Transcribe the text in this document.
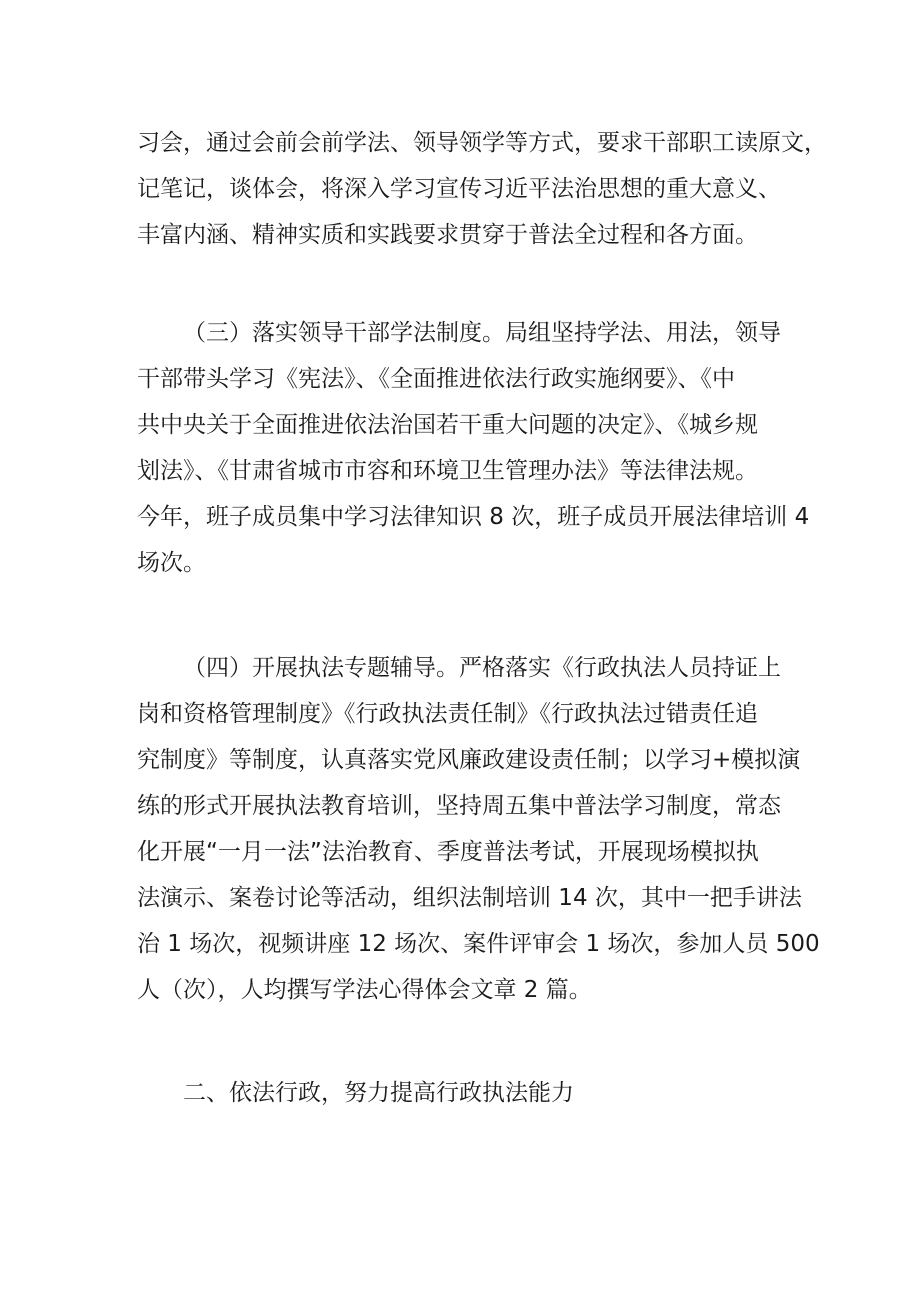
习会，通过会前会前学法、领导领学等方式，要求干部职工读原文，
记笔记，谈体会，将深入学习宣传习近平法治思想的重大意义、
丰富内涵、精神实质和实践要求贯穿于普法全过程和各方面。
（三）落实领导干部学法制度。局组坚持学法、用法，领导
干部带头学习《宪法》、《全面推进依法行政实施纲要》、《中
共中央关于全面推进依法治国若干重大问题的决定》、《城乡规
划法》、《甘肃省城市市容和环境卫生管理办法》等法律法规。
今年，班子成员集中学习法律知识 8 次，班子成员开展法律培训 4
场次。
（四）开展执法专题辅导。严格落实《行政执法人员持证上
岗和资格管理制度》《行政执法责任制》《行政执法过错责任追
究制度》等制度，认真落实党风廉政建设责任制；以学习+模拟演
练的形式开展执法教育培训，坚持周五集中普法学习制度，常态
化开展“一月一法”法治教育、季度普法考试，开展现场模拟执
法演示、案卷讨论等活动，组织法制培训 14 次，其中一把手讲法
治 1 场次，视频讲座 12 场次、案件评审会 1 场次，参加人员 500
人（次），人均撰写学法心得体会文章 2 篇。
二、依法行政，努力提高行政执法能力
